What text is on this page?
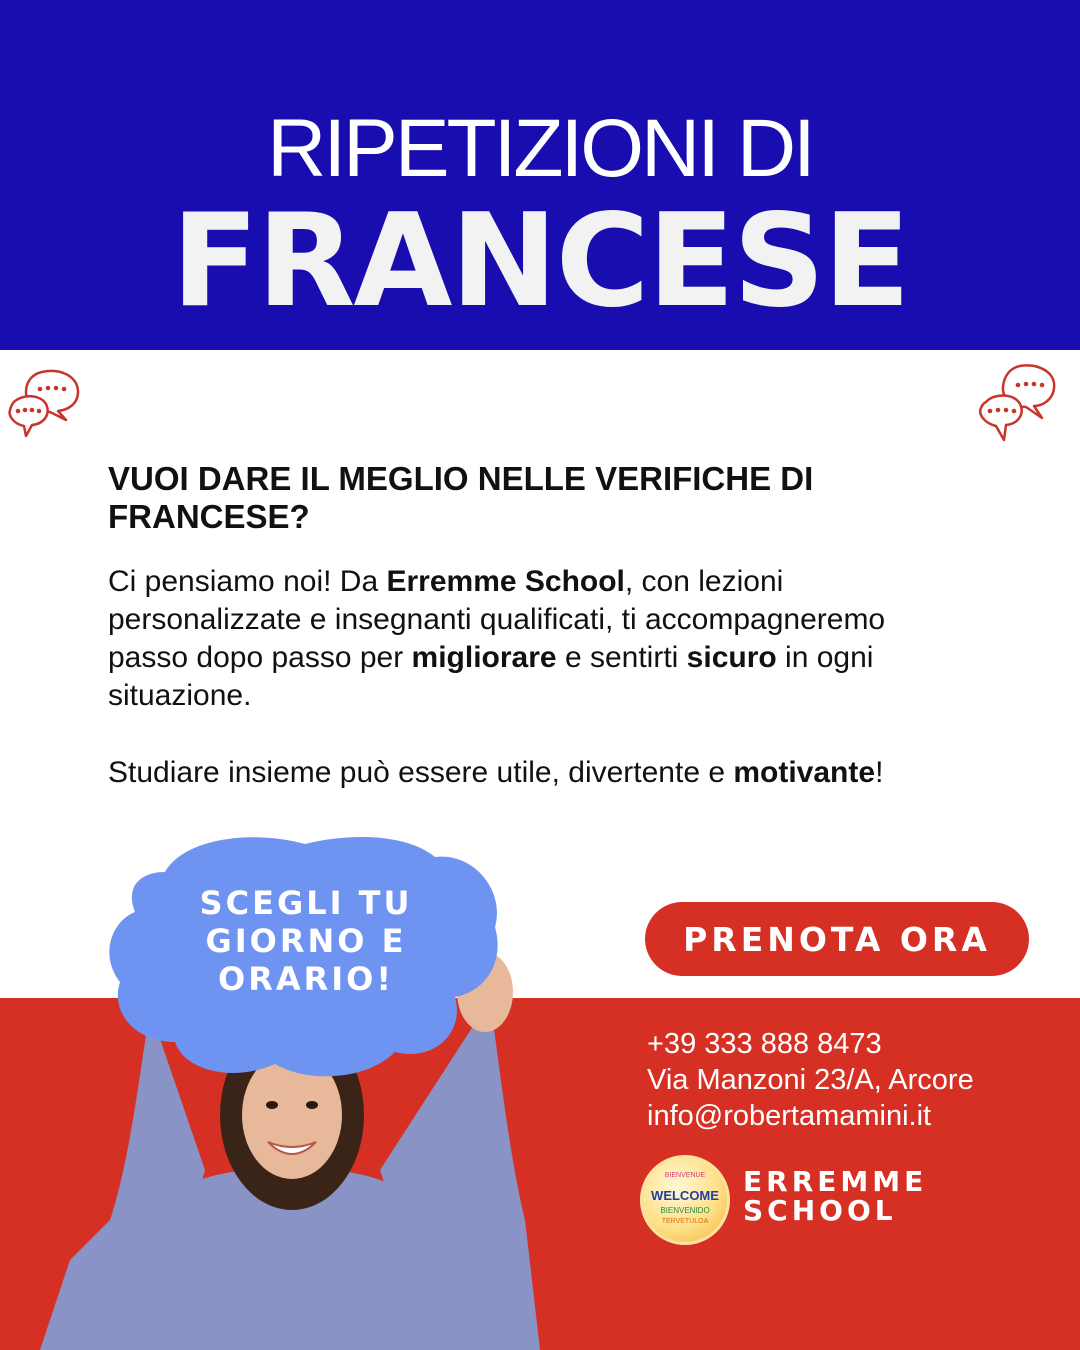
RIPETIZIONI DI
FRANCESE
VUOI DARE IL MEGLIO NELLE VERIFICHE DI FRANCESE?

Ci pensiamo noi! Da Erremme School, con lezioni personalizzate e insegnanti qualificati, ti accompagneremo passo dopo passo per migliorare e sentirti sicuro in ogni situazione.

Studiare insieme può essere utile, divertente e motivante!

SCEGLI TU
GIORNO E
ORARIO!

PRENOTA ORA
+39 333 888 8473
Via Manzoni 23/A, Arcore
info@robertamamini.it
BIENVENUE
WELCOME
BIENVENIDO
TERVETULOA
ERREMME
SCHOOL
